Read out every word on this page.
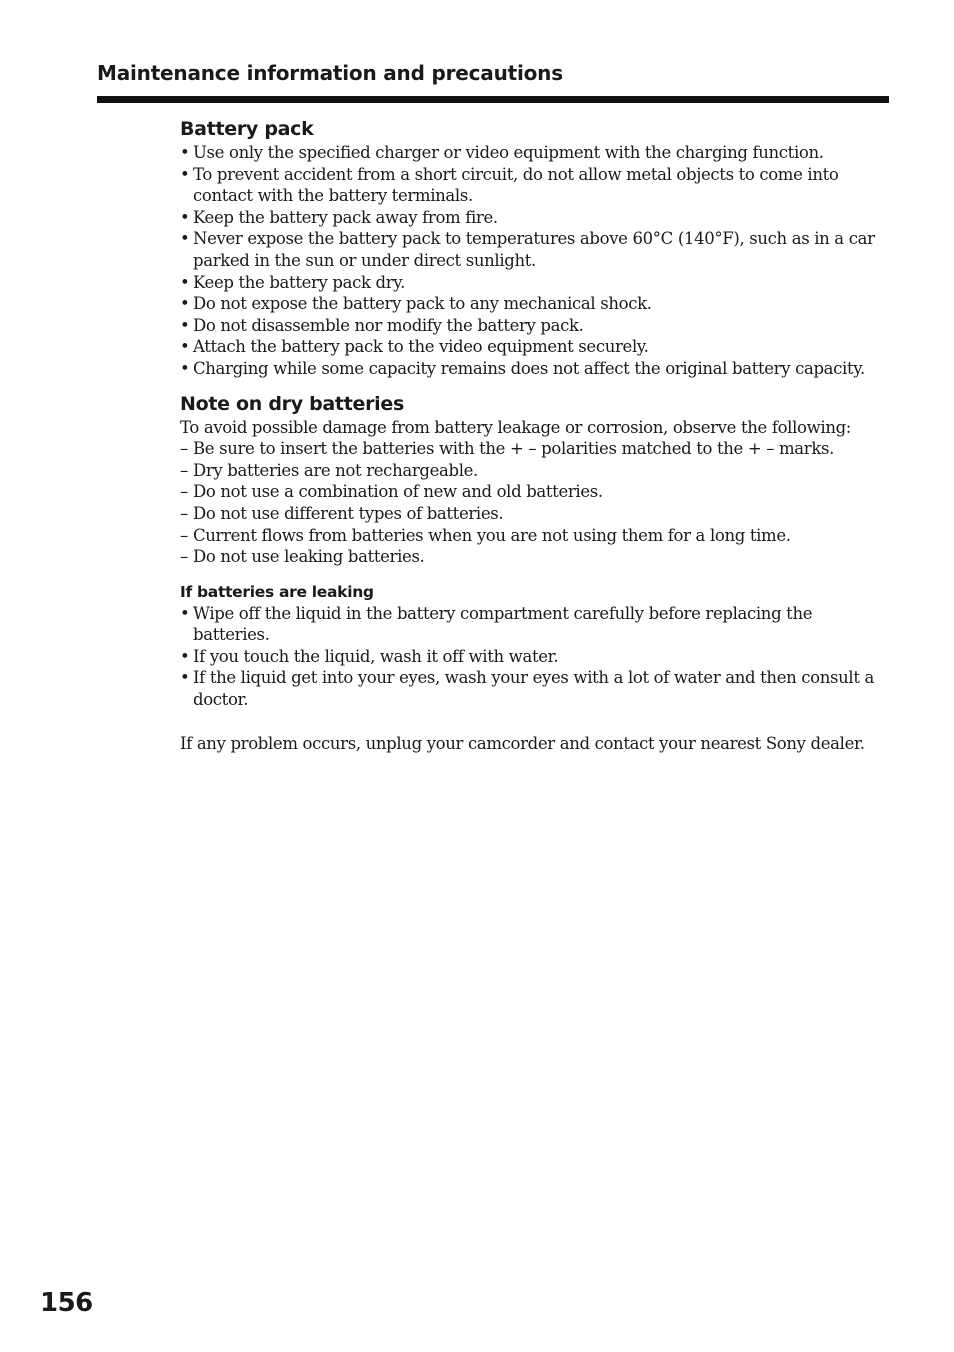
Maintenance information and precautions
Battery pack
• Use only the specified charger or video equipment with the charging function.
• To prevent accident from a short circuit, do not allow metal objects to come into contact with the battery terminals.
• Keep the battery pack away from fire.
• Never expose the battery pack to temperatures above 60°C (140°F), such as in a car parked in the sun or under direct sunlight.
• Keep the battery pack dry.
• Do not expose the battery pack to any mechanical shock.
• Do not disassemble nor modify the battery pack.
• Attach the battery pack to the video equipment securely.
• Charging while some capacity remains does not affect the original battery capacity.
Note on dry batteries

To avoid possible damage from battery leakage or corrosion, observe the following:

– Be sure to insert the batteries with the + – polarities matched to the + – marks.
– Dry batteries are not rechargeable.
– Do not use a combination of new and old batteries.
– Do not use different types of batteries.
– Current flows from batteries when you are not using them for a long time.
– Do not use leaking batteries.
If batteries are leaking
• Wipe off the liquid in the battery compartment carefully before replacing the batteries.
• If you touch the liquid, wash it off with water.
• If the liquid get into your eyes, wash your eyes with a lot of water and then consult a doctor.

If any problem occurs, unplug your camcorder and contact your nearest Sony dealer.

156
